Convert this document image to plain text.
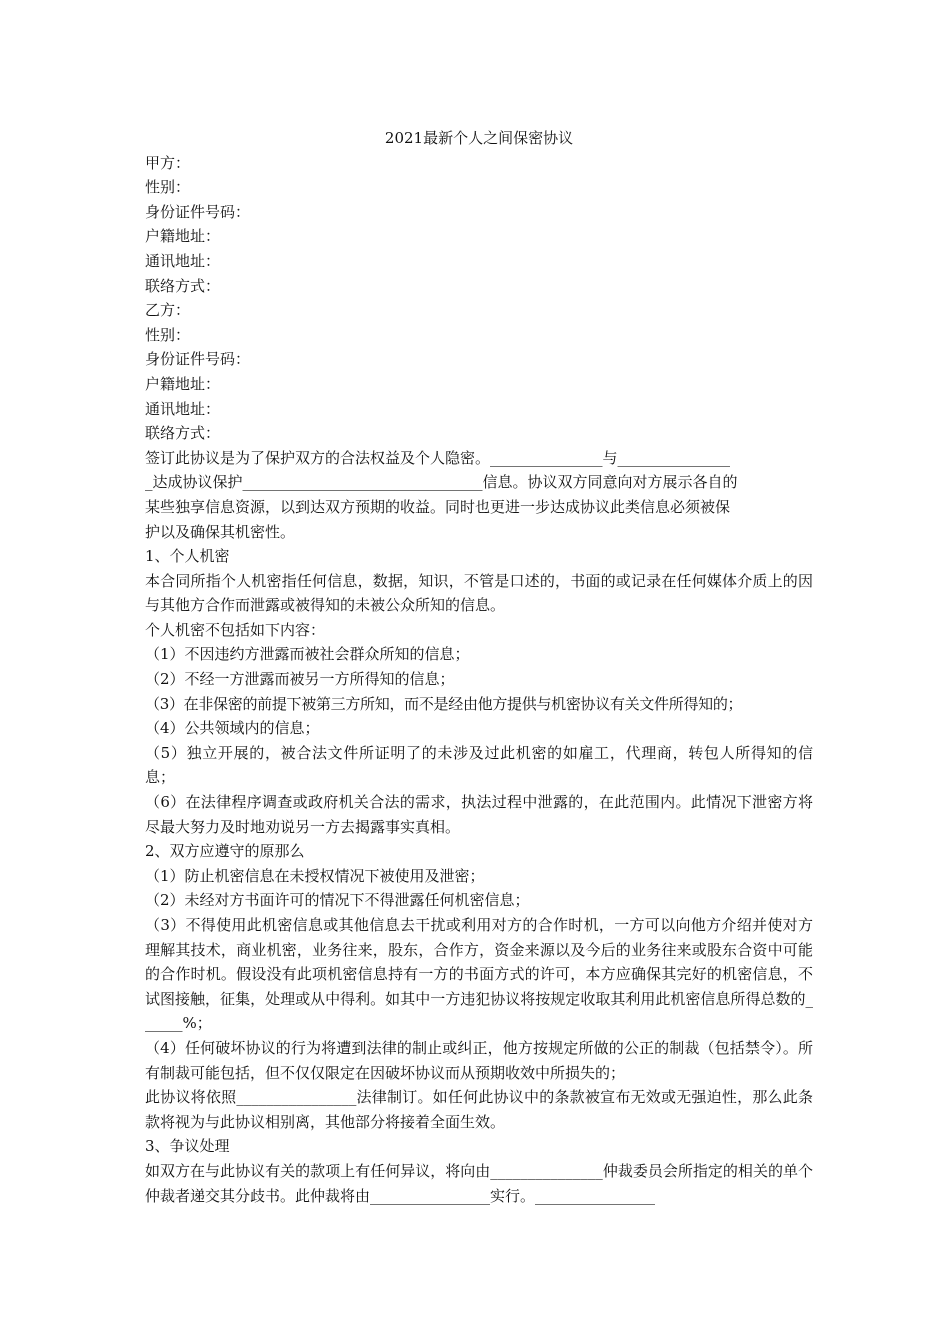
2021最新个人之间保密协议

甲方：

性别：

身份证件号码：

户籍地址：

通讯地址：

联络方式：

乙方：

性别：

身份证件号码：

户籍地址：

通讯地址：

联络方式：

签订此协议是为了保护双方的合法权益及个人隐密。_______________与_______________

_达成协议保护________________________________信息。协议双方同意向对方展示各自的

某些独享信息资源，以到达双方预期的收益。同时也更进一步达成协议此类信息必须被保

护以及确保其机密性。

1、个人机密

本合同所指个人机密指任何信息，数据，知识，不管是口述的，书面的或记录在任何媒体介质上的因与其他方合作而泄露或被得知的未被公众所知的信息。

个人机密不包括如下内容：

（1）不因违约方泄露而被社会群众所知的信息；

（2）不经一方泄露而被另一方所得知的信息；

（3）在非保密的前提下被第三方所知，而不是经由他方提供与机密协议有关文件所得知的；

（4）公共领域内的信息；

（5）独立开展的，被合法文件所证明了的未涉及过此机密的如雇工，代理商，转包人所得知的信息；

（6）在法律程序调查或政府机关合法的需求，执法过程中泄露的，在此范围内。此情况下泄密方将尽最大努力及时地劝说另一方去揭露事实真相。

2、双方应遵守的原那么

（1）防止机密信息在未授权情况下被使用及泄密；

（2）未经对方书面许可的情况下不得泄露任何机密信息；

（3）不得使用此机密信息或其他信息去干扰或利用对方的合作时机，一方可以向他方介绍并使对方理解其技术，商业机密，业务往来，股东，合作方，资金来源以及今后的业务往来或股东合资中可能的合作时机。假设没有此项机密信息持有一方的书面方式的许可，本方应确保其完好的机密信息，不试图接触，征集，处理或从中得利。如其中一方违犯协议将按规定收取其利用此机密信息所得总数的______%；

（4）任何破坏协议的行为将遭到法律的制止或纠正，他方按规定所做的公正的制裁（包括禁令）。所有制裁可能包括，但不仅仅限定在因破坏协议而从预期收效中所损失的；

此协议将依照________________法律制订。如任何此协议中的条款被宣布无效或无强迫性，那么此条款将视为与此协议相别离，其他部分将接着全面生效。

3、争议处理

如双方在与此协议有关的款项上有任何异议，将向由_______________仲裁委员会所指定的相关的单个仲裁者递交其分歧书。此仲裁将由________________实行。________________
